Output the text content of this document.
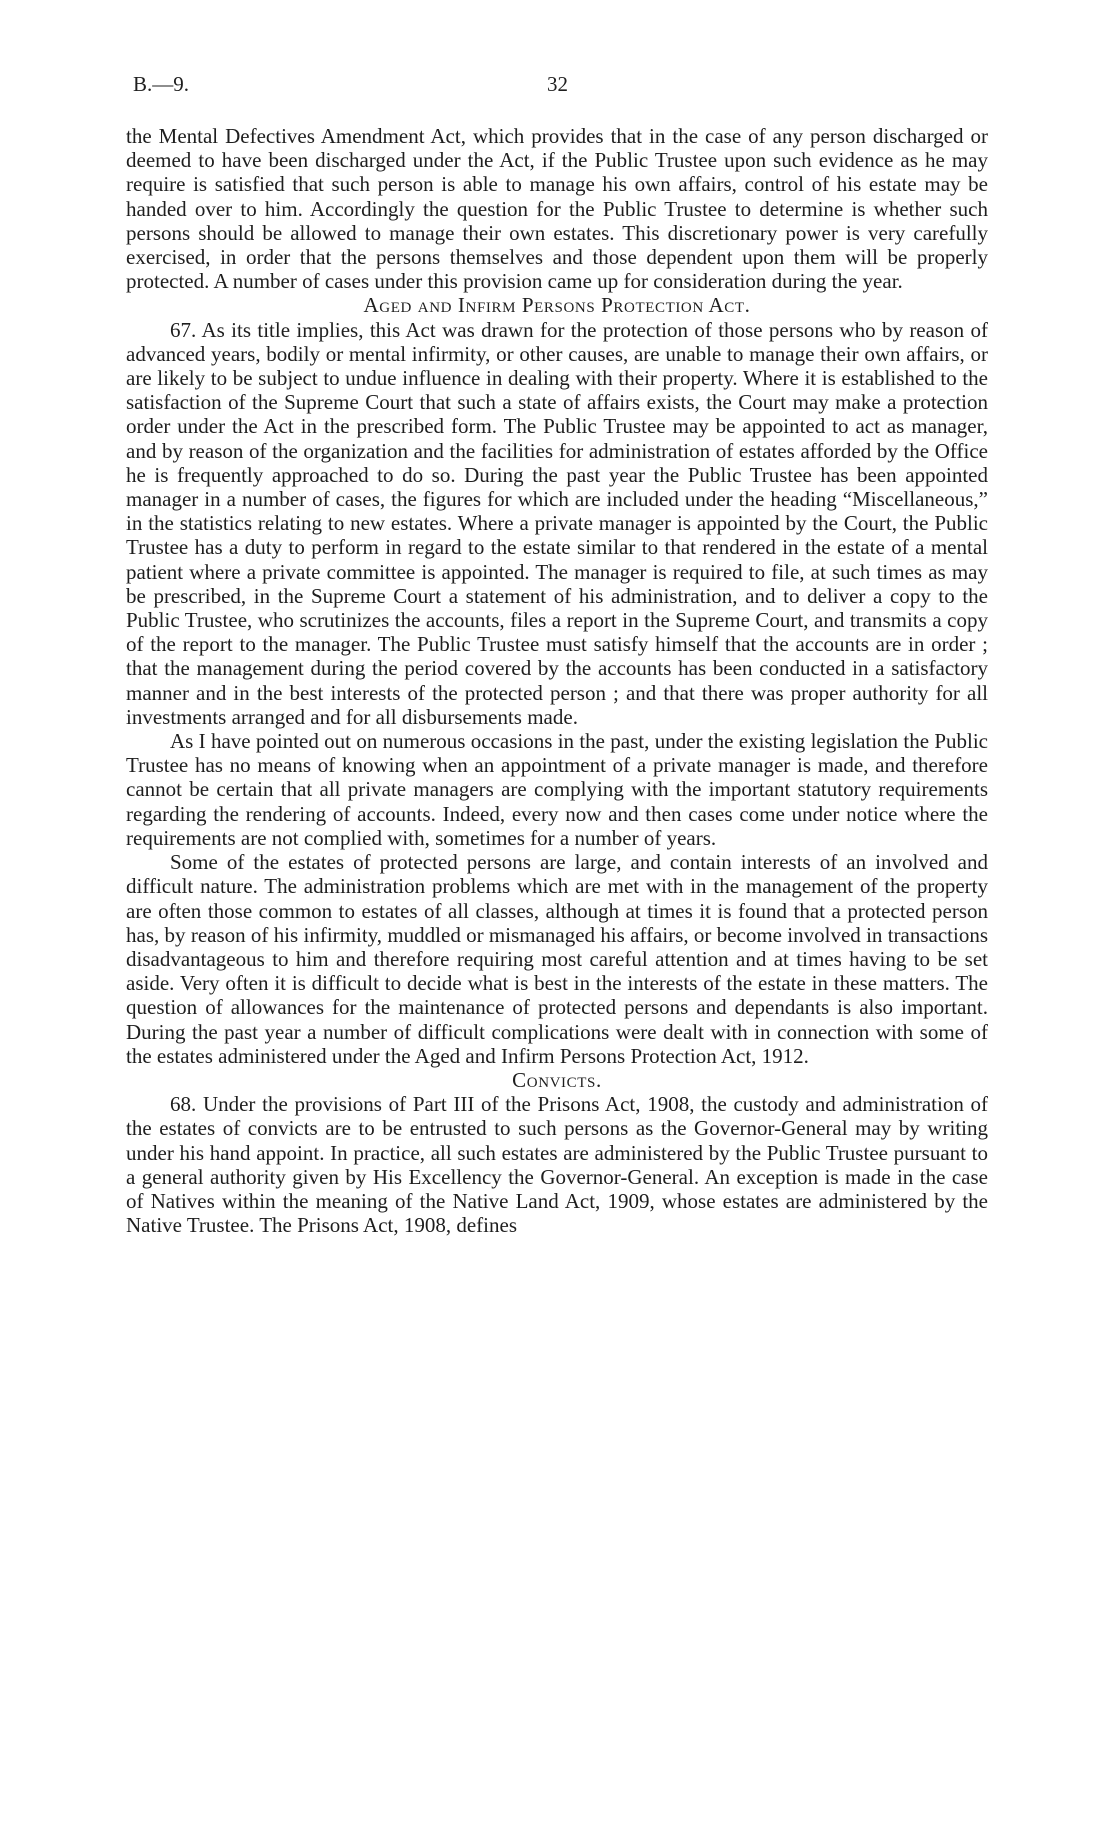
B.—9.	32

the Mental Defectives Amendment Act, which provides that in the case of any person discharged or deemed to have been discharged under the Act, if the Public Trustee upon such evidence as he may require is satisfied that such person is able to manage his own affairs, control of his estate may be handed over to him. Accordingly the question for the Public Trustee to determine is whether such persons should be allowed to manage their own estates. This discretionary power is very carefully exercised, in order that the persons themselves and those dependent upon them will be properly protected. A number of cases under this provision came up for consideration during the year.

Aged and Infirm Persons Protection Act.

67. As its title implies, this Act was drawn for the protection of those persons who by reason of advanced years, bodily or mental infirmity, or other causes, are unable to manage their own affairs, or are likely to be subject to undue influence in dealing with their property. Where it is established to the satisfaction of the Supreme Court that such a state of affairs exists, the Court may make a protection order under the Act in the prescribed form. The Public Trustee may be appointed to act as manager, and by reason of the organization and the facilities for administration of estates afforded by the Office he is frequently approached to do so. During the past year the Public Trustee has been appointed manager in a number of cases, the figures for which are included under the heading “Miscellaneous,” in the statistics relating to new estates. Where a private manager is appointed by the Court, the Public Trustee has a duty to perform in regard to the estate similar to that rendered in the estate of a mental patient where a private committee is appointed. The manager is required to file, at such times as may be prescribed, in the Supreme Court a statement of his administration, and to deliver a copy to the Public Trustee, who scrutinizes the accounts, files a report in the Supreme Court, and transmits a copy of the report to the manager. The Public Trustee must satisfy himself that the accounts are in order ; that the management during the period covered by the accounts has been conducted in a satisfactory manner and in the best interests of the protected person ; and that there was proper authority for all investments arranged and for all disbursements made.

As I have pointed out on numerous occasions in the past, under the existing legislation the Public Trustee has no means of knowing when an appointment of a private manager is made, and therefore cannot be certain that all private managers are complying with the important statutory requirements regarding the rendering of accounts. Indeed, every now and then cases come under notice where the requirements are not complied with, sometimes for a number of years.

Some of the estates of protected persons are large, and contain interests of an involved and difficult nature. The administration problems which are met with in the management of the property are often those common to estates of all classes, although at times it is found that a protected person has, by reason of his infirmity, muddled or mismanaged his affairs, or become involved in transactions disadvantageous to him and therefore requiring most careful attention and at times having to be set aside. Very often it is difficult to decide what is best in the interests of the estate in these matters. The question of allowances for the maintenance of protected persons and dependants is also important. During the past year a number of difficult complications were dealt with in connection with some of the estates administered under the Aged and Infirm Persons Protection Act, 1912.

Convicts.

68. Under the provisions of Part III of the Prisons Act, 1908, the custody and administration of the estates of convicts are to be entrusted to such persons as the Governor-General may by writing under his hand appoint. In practice, all such estates are administered by the Public Trustee pursuant to a general authority given by His Excellency the Governor-General. An exception is made in the case of Natives within the meaning of the Native Land Act, 1909, whose estates are administered by the Native Trustee. The Prisons Act, 1908, defines
